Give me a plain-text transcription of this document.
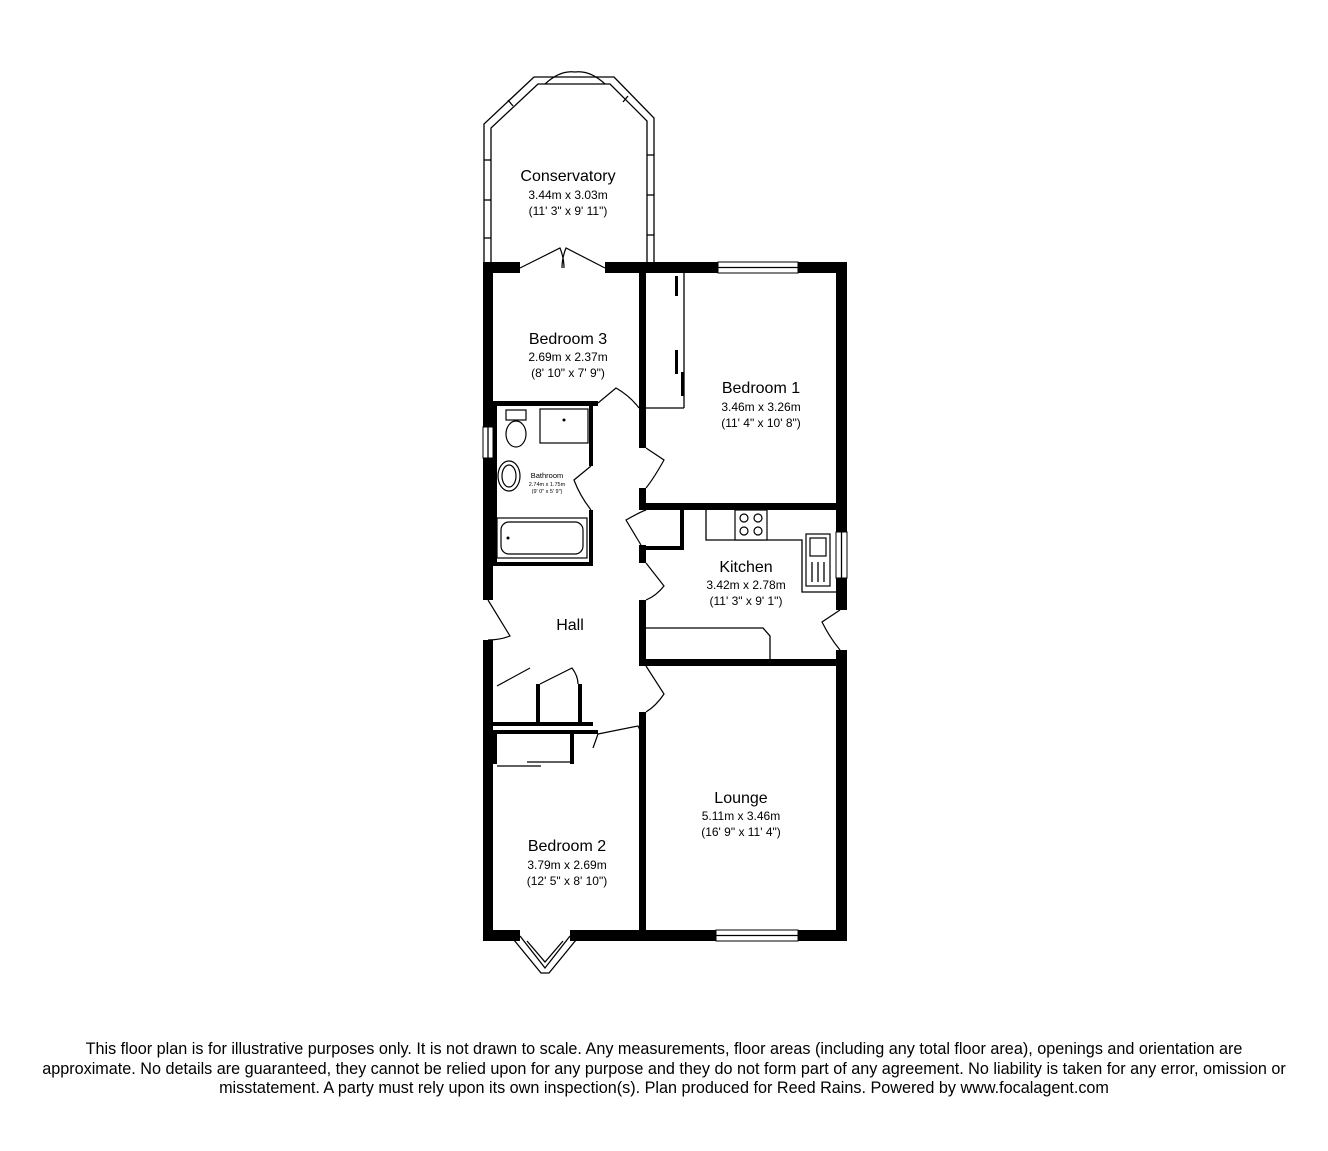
Conservatory
3.44m x 3.03m
(11' 3" x 9' 11")
Bedroom 3
2.69m x 2.37m
(8' 10" x 7' 9")
Bedroom 1
3.46m x 3.26m
(11' 4" x 10' 8")
Bathroom
2.74m x 1.75m
(9' 0" x 5' 9")
Kitchen
3.42m x 2.78m
(11' 3" x 9' 1")
Hall
Lounge
5.11m x 3.46m
(16' 9" x 11' 4")
Bedroom 2
3.79m x 2.69m
(12' 5" x 8' 10")
This floor plan is for illustrative purposes only. It is not drawn to scale. Any measurements, floor areas (including any total floor area), openings and orientation are approximate. No details are guaranteed, they cannot be relied upon for any purpose and they do not form part of any agreement. No liability is taken for any error, omission or misstatement. A party must rely upon its own inspection(s). Plan produced for Reed Rains. Powered by www.focalagent.com
